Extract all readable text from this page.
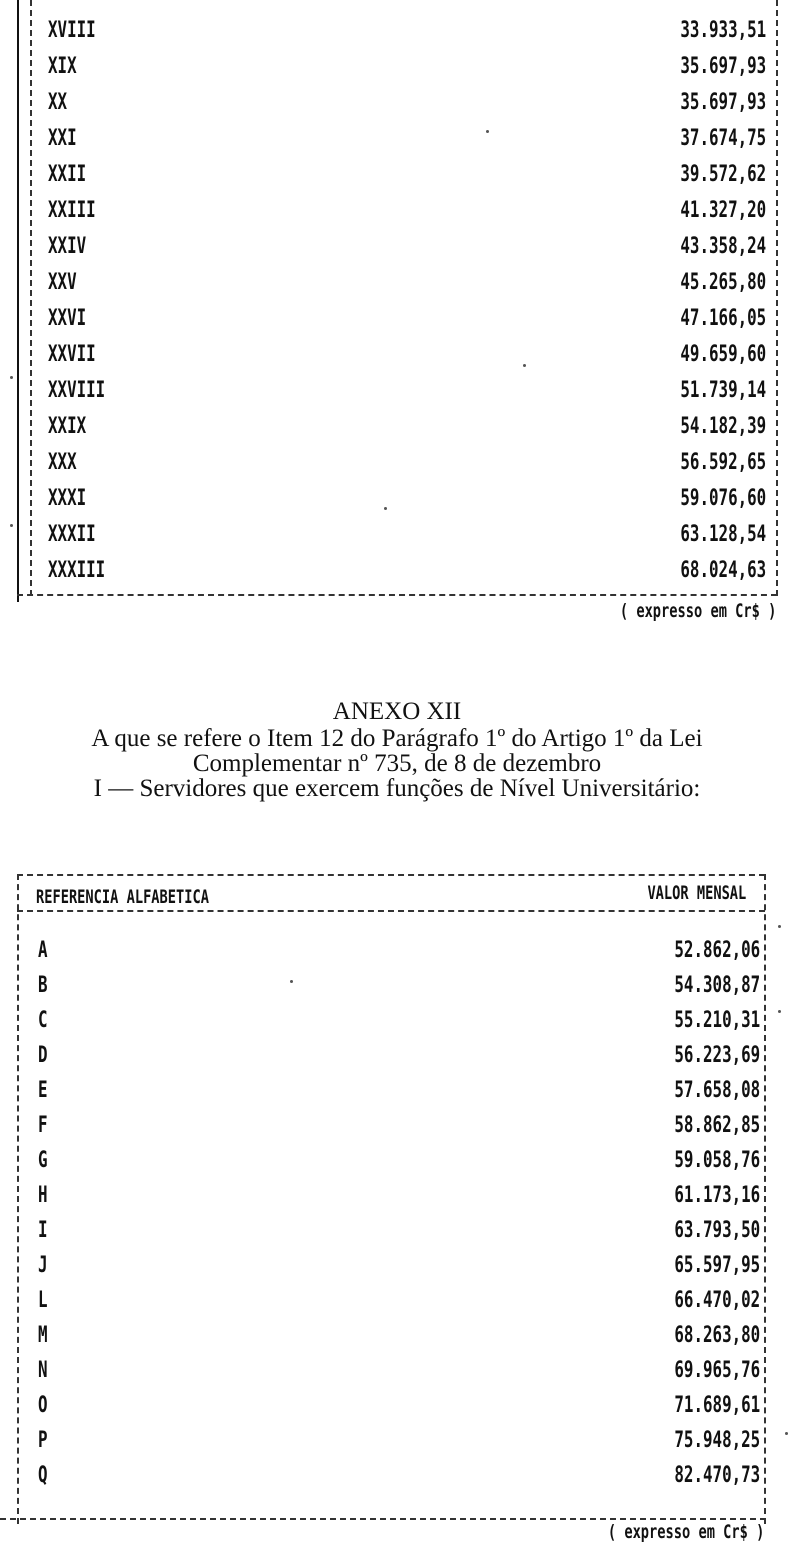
XVIII	33.933,51
XIX	35.697,93
XX	35.697,93
XXI	37.674,75
XXII	39.572,62
XXIII	41.327,20
XXIV	43.358,24
XXV	45.265,80
XXVI	47.166,05
XXVII	49.659,60
XXVIII	51.739,14
XXIX	54.182,39
XXX	56.592,65
XXXI	59.076,60
XXXII	63.128,54
XXXIII	68.024,63
( expresso em Cr$ )
ANEXO XII
A que se refere o Item 12 do Parágrafo 1º do Artigo 1º da Lei
Complementar nº 735, de 8 de dezembro
I — Servidores que exercem funções de Nível Universitário:
REFERENCIA ALFABETICA	VALOR MENSAL
A	52.862,06
B	54.308,87
C	55.210,31
D	56.223,69
E	57.658,08
F	58.862,85
G	59.058,76
H	61.173,16
I	63.793,50
J	65.597,95
L	66.470,02
M	68.263,80
N	69.965,76
O	71.689,61
P	75.948,25
Q	82.470,73
( expresso em Cr$ )
